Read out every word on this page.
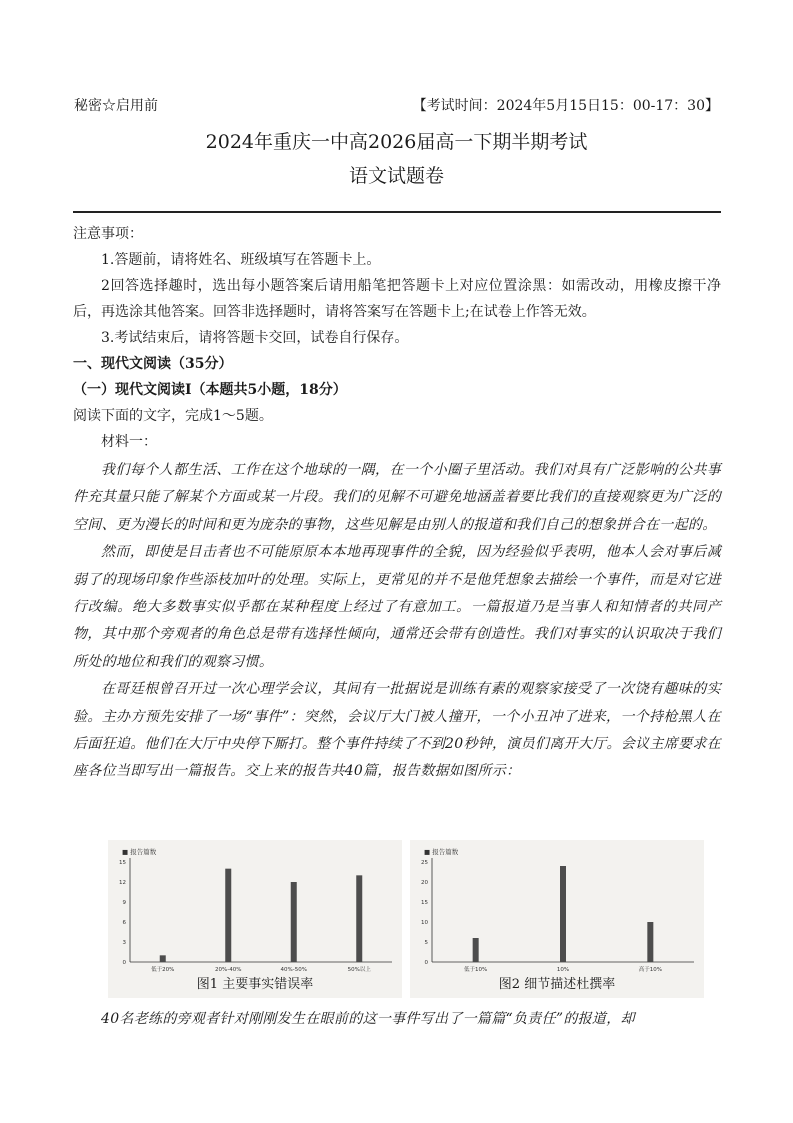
秘密☆启用前	【考试时间：2024年5月15日15：00-17：30】
2024年重庆一中高2026届高一下期半期考试
语文试题卷

注意事项：

1.答题前，请将姓名、班级填写在答题卡上。

2回答选择趣时，选出每小题答案后请用船笔把答题卡上对应位置涂黑：如需改动，用橡皮擦干净后，再选涂其他答案。回答非选择题时，请将答案写在答题卡上;在试卷上作答无效。

3.考试结束后，请将答题卡交回，试卷自行保存。

一、现代文阅读（35分）

（一）现代文阅读Ⅰ（本题共5小题，18分）

阅读下面的文字，完成1～5题。

材料一：

我们每个人都生活、工作在这个地球的一隅，在一个小圈子里活动。我们对具有广泛影响的公共事件充其量只能了解某个方面或某一片段。我们的见解不可避免地涵盖着要比我们的直接观察更为广泛的空间、更为漫长的时间和更为庞杂的事物，这些见解是由别人的报道和我们自己的想象拼合在一起的。

然而，即使是目击者也不可能原原本本地再现事件的全貌，因为经验似乎表明，他本人会对事后减弱了的现场印象作些添枝加叶的处理。实际上，更常见的并不是他凭想象去描绘一个事件，而是对它进行改编。绝大多数事实似乎都在某种程度上经过了有意加工。一篇报道乃是当事人和知情者的共同产物，其中那个旁观者的角色总是带有选择性倾向，通常还会带有创造性。我们对事实的认识取决于我们所处的地位和我们的观察习惯。

在哥廷根曾召开过一次心理学会议，其间有一批据说是训练有素的观察家接受了一次饶有趣味的实验。主办方预先安排了一场“事件”：突然，会议厅大门被人撞开，一个小丑冲了进来，一个持枪黑人在后面狂追。他们在大厅中央停下厮打。整个事件持续了不到20秒钟，演员们离开大厅。会议主席要求在座各位当即写出一篇报告。交上来的报告共40篇，报告数据如图所示：

■ 报告篇数
0
3
6
9
12
15
低于20%	20%-40%	40%-50%	50%以上
图1 主要事实错误率
■ 报告篇数
0
5
10
15
20
25
低于10%	10%	高于10%
图2 细节描述杜撰率
40名老练的旁观者针对刚刚发生在眼前的这一事件写出了一篇篇“负责任”的报道，却
